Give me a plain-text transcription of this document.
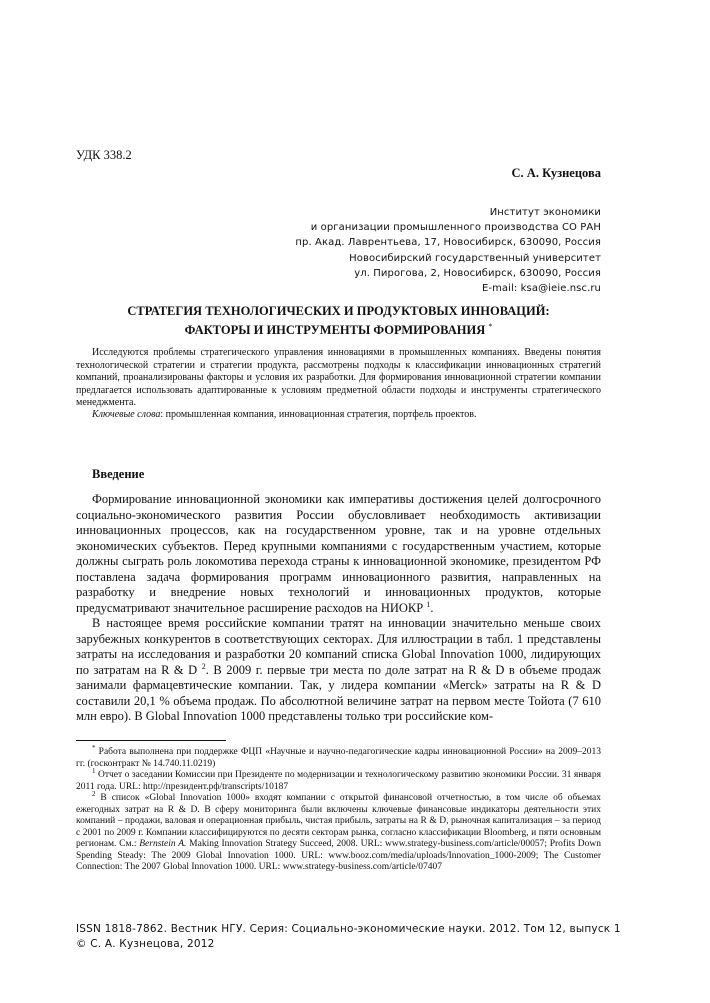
УДК 338.2
С. А. Кузнецова
Институт экономики
и организации промышленного производства СО РАН
пр. Акад. Лаврентьева, 17, Новосибирск, 630090, Россия
Новосибирский государственный университет
ул. Пирогова, 2, Новосибирск, 630090, Россия
E-mail: ksa@ieie.nsc.ru
СТРАТЕГИЯ ТЕХНОЛОГИЧЕСКИХ И ПРОДУКТОВЫХ ИННОВАЦИЙ:
ФАКТОРЫ И ИНСТРУМЕНТЫ ФОРМИРОВАНИЯ *

Исследуются проблемы стратегического управления инновациями в промышленных компаниях. Введены понятия технологической стратегии и стратегии продукта, рассмотрены подходы к классификации инновационных стратегий компаний, проанализированы факторы и условия их разработки. Для формирования инновационной стратегии компании предлагается использовать адаптированные к условиям предметной области подходы и инструменты стратегического менеджмента.

Ключевые слова: промышленная компания, инновационная стратегия, портфель проектов.
Введение

Формирование инновационной экономики как императивы достижения целей долгосрочного социально-экономического развития России обусловливает необходимость активизации инновационных процессов, как на государственном уровне, так и на уровне отдельных экономических субъектов. Перед крупными компаниями с государственным участием, которые должны сыграть роль локомотива перехода страны к инновационной экономике, президентом РФ поставлена задача формирования программ инновационного развития, направленных на разработку и внедрение новых технологий и инновационных продуктов, которые предусматривают значительное расширение расходов на НИОКР $^1$.

В настоящее время российские компании тратят на инновации значительно меньше своих зарубежных конкурентов в соответствующих секторах. Для иллюстрации в табл. 1 представлены затраты на исследования и разработки 20 компаний списка Global Innovation 1000, лидирующих по затратам на R & D $^2$. В 2009 г. первые три места по доле затрат на R & D в объеме продаж занимали фармацевтические компании. Так, у лидера компании «Merck» затраты на R & D составили 20,1 % объема продаж. По абсолютной величине затрат на первом месте Тойота (7 610 млн евро). В Global Innovation 1000 представлены только три российские ком-

* Работа выполнена при поддержке ФЦП «Научные и научно-педагогические кадры инновационной России» на 2009–2013 гг. (госконтракт № 14.740.11.0219)

$^1$ Отчет о заседании Комиссии при Президенте по модернизации и технологическому развитию экономики России. 31 января 2011 года. URL: http://президент.рф/transcripts/10187

$^2$ В список «Global Innovation 1000» входят компании с открытой финансовой отчетностью, в том числе об объемах ежегодных затрат на R & D. В сферу мониторинга были включены ключевые финансовые индикаторы деятельности этих компаний – продажи, валовая и операционная прибыль, чистая прибыль, затраты на R & D, рыночная капитализация – за период с 2001 по 2009 г. Компании классифицируются по десяти секторам рынка, согласно классификации Bloomberg, и пяти основным регионам. См.: Bernstein A. Making Innovation Strategy Succeed, 2008. URL: www.strategy-business.com/article/00057; Profits Down Spending Steady: The 2009 Global Innovation 1000. URL: www.booz.com/media/uploads/Innovation_1000-2009; The Customer Connection: The 2007 Global Innovation 1000. URL: www.strategy-business.com/article/07407

ISSN 1818-7862. Вестник НГУ. Серия: Социально-экономические науки. 2012. Том 12, выпуск 1
© С. А. Кузнецова, 2012
